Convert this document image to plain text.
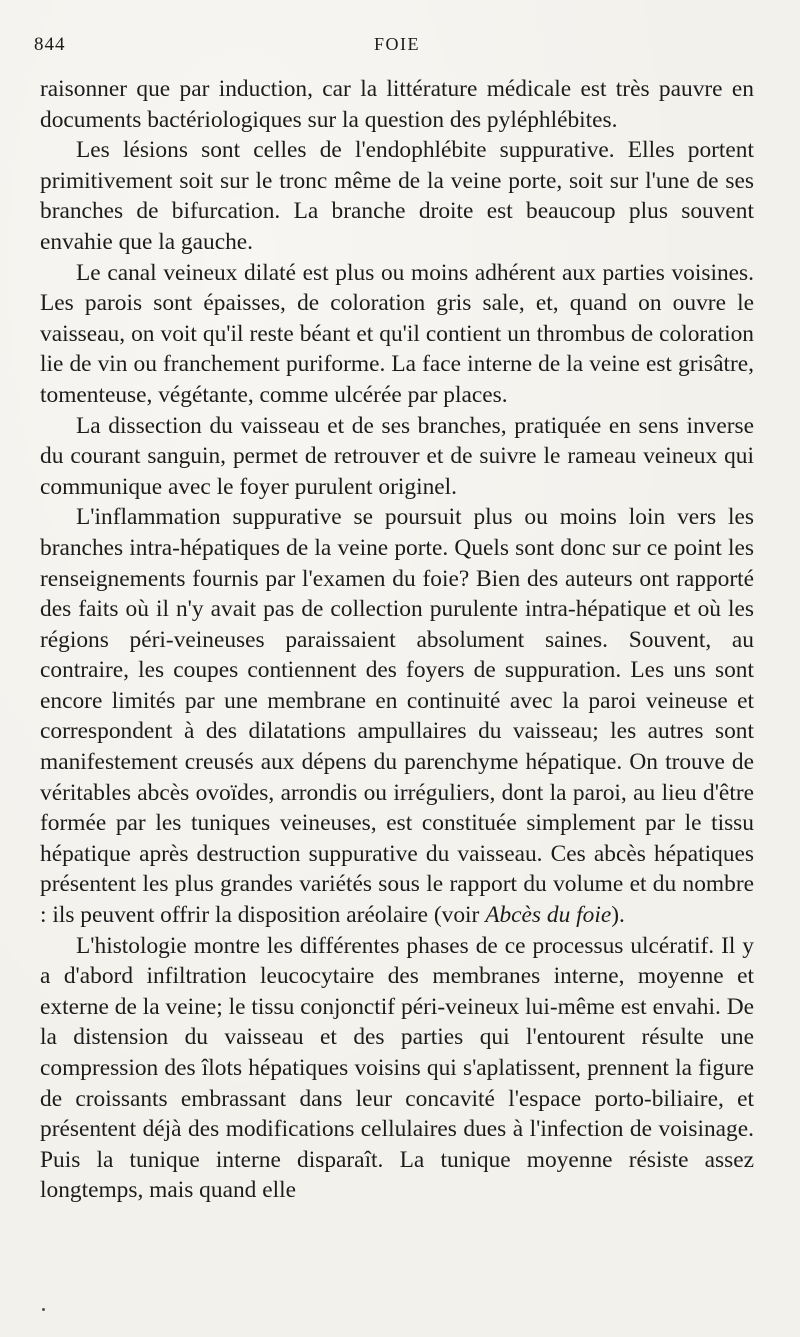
844	FOIE

raisonner que par induction, car la littérature médicale est très pauvre en documents bactériologiques sur la question des pyléphlébites.

Les lésions sont celles de l'endophlébite suppurative. Elles portent primitivement soit sur le tronc même de la veine porte, soit sur l'une de ses branches de bifurcation. La branche droite est beaucoup plus souvent envahie que la gauche.

Le canal veineux dilaté est plus ou moins adhérent aux parties voisines. Les parois sont épaisses, de coloration gris sale, et, quand on ouvre le vaisseau, on voit qu'il reste béant et qu'il contient un thrombus de coloration lie de vin ou franchement puriforme. La face interne de la veine est grisâtre, tomenteuse, végétante, comme ulcérée par places.

La dissection du vaisseau et de ses branches, pratiquée en sens inverse du courant sanguin, permet de retrouver et de suivre le rameau veineux qui communique avec le foyer purulent originel.

L'inflammation suppurative se poursuit plus ou moins loin vers les branches intra-hépatiques de la veine porte. Quels sont donc sur ce point les renseignements fournis par l'examen du foie? Bien des auteurs ont rapporté des faits où il n'y avait pas de collection purulente intra-hépatique et où les régions péri-veineuses paraissaient absolument saines. Souvent, au contraire, les coupes contiennent des foyers de suppuration. Les uns sont encore limités par une membrane en continuité avec la paroi veineuse et correspondent à des dilatations ampullaires du vaisseau; les autres sont manifestement creusés aux dépens du parenchyme hépatique. On trouve de véritables abcès ovoïdes, arrondis ou irréguliers, dont la paroi, au lieu d'être formée par les tuniques veineuses, est constituée simplement par le tissu hépatique après destruction suppurative du vaisseau. Ces abcès hépatiques présentent les plus grandes variétés sous le rapport du volume et du nombre : ils peuvent offrir la disposition aréolaire (voir Abcès du foie).

L'histologie montre les différentes phases de ce processus ulcératif. Il y a d'abord infiltration leucocytaire des membranes interne, moyenne et externe de la veine; le tissu conjonctif péri-veineux lui-même est envahi. De la distension du vaisseau et des parties qui l'entourent résulte une compression des îlots hépatiques voisins qui s'aplatissent, prennent la figure de croissants embrassant dans leur concavité l'espace porto-biliaire, et présentent déjà des modifications cellulaires dues à l'infection de voisinage. Puis la tunique interne disparaît. La tunique moyenne résiste assez longtemps, mais quand elle
